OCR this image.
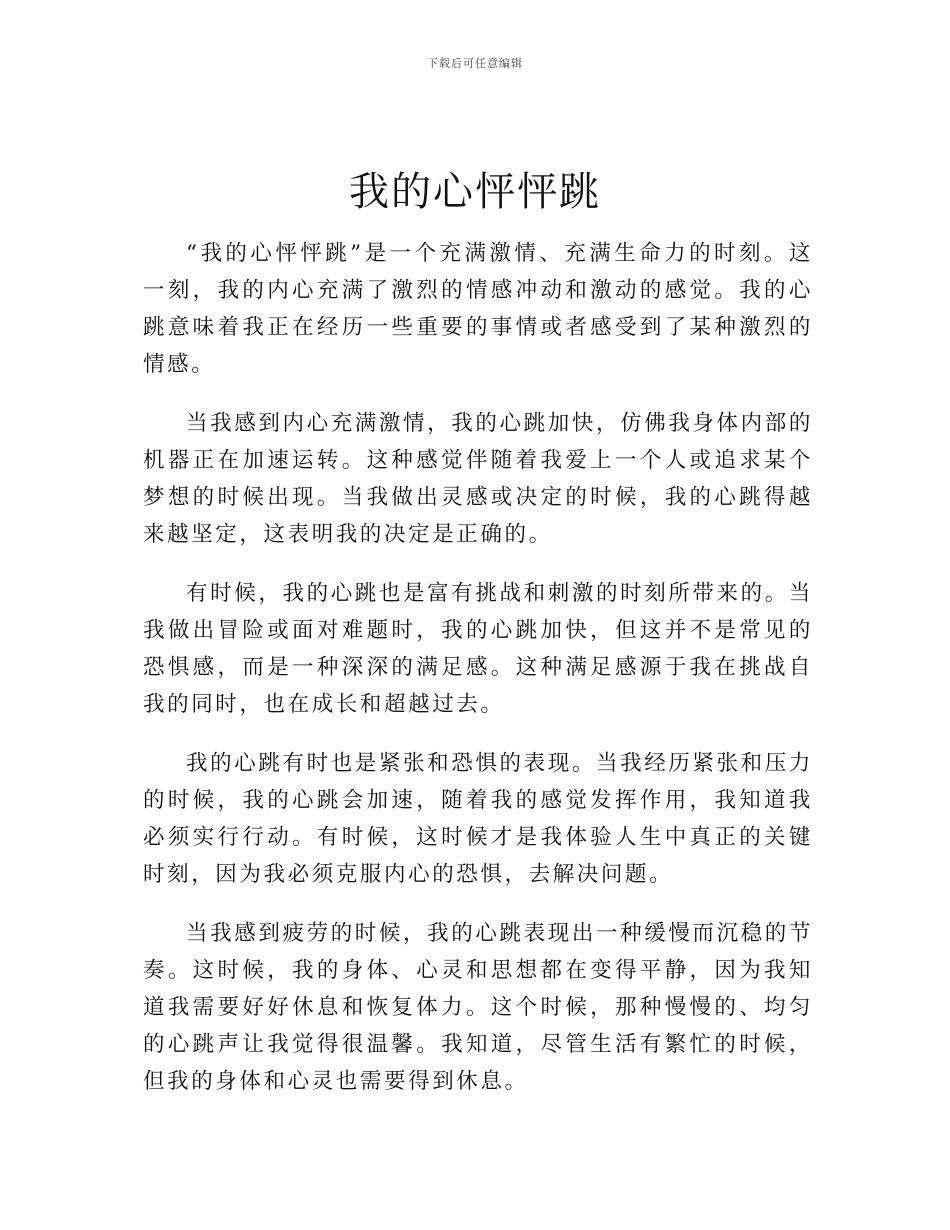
下载后可任意编辑
我的心怦怦跳

“我的心怦怦跳”是一个充满激情、充满生命力的时刻。这一刻，我的内心充满了激烈的情感冲动和激动的感觉。我的心跳意味着我正在经历一些重要的事情或者感受到了某种激烈的情感。

当我感到内心充满激情，我的心跳加快，仿佛我身体内部的机器正在加速运转。这种感觉伴随着我爱上一个人或追求某个梦想的时候出现。当我做出灵感或决定的时候，我的心跳得越来越坚定，这表明我的决定是正确的。

有时候，我的心跳也是富有挑战和刺激的时刻所带来的。当我做出冒险或面对难题时，我的心跳加快，但这并不是常见的恐惧感，而是一种深深的满足感。这种满足感源于我在挑战自我的同时，也在成长和超越过去。

我的心跳有时也是紧张和恐惧的表现。当我经历紧张和压力的时候，我的心跳会加速，随着我的感觉发挥作用，我知道我必须实行行动。有时候，这时候才是我体验人生中真正的关键时刻，因为我必须克服内心的恐惧，去解决问题。

当我感到疲劳的时候，我的心跳表现出一种缓慢而沉稳的节奏。这时候，我的身体、心灵和思想都在变得平静，因为我知道我需要好好休息和恢复体力。这个时候，那种慢慢的、均匀的心跳声让我觉得很温馨。我知道，尽管生活有繁忙的时候，但我的身体和心灵也需要得到休息。
